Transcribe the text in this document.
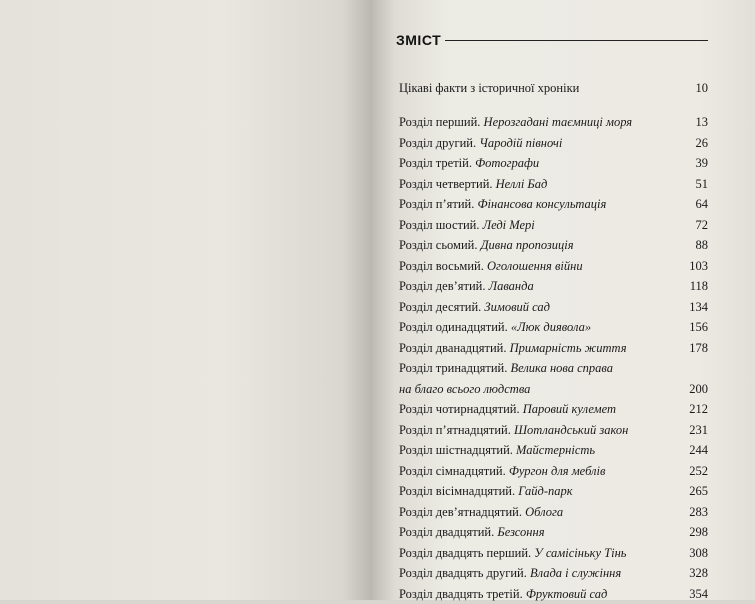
ЗМІСТ
Цікаві факти з історичної хроніки	10
Розділ перший. Нерозгадані таємниці моря	13
Розділ другий. Чародій півночі	26
Розділ третій. Фотографи	39
Розділ четвертий. Неллі Бад	51
Розділ п’ятий. Фінансова консультація	64
Розділ шостий. Леді Мері	72
Розділ сьомий. Дивна пропозиція	88
Розділ восьмий. Оголошення війни	103
Розділ дев’ятий. Лаванда	118
Розділ десятий. Зимовий сад	134
Розділ одинадцятий. «Люк диявола»	156
Розділ дванадцятий. Примарність життя	178
Розділ тринадцятий. Велика нова справа
на благо всього людства	200
Розділ чотирнадцятий. Паровий кулемет	212
Розділ п’ятнадцятий. Шотландський закон	231
Розділ шістнадцятий. Майстерність	244
Розділ сімнадцятий. Фургон для меблів	252
Розділ вісімнадцятий. Гайд-парк	265
Розділ дев’ятнадцятий. Облога	283
Розділ двадцятий. Безсоння	298
Розділ двадцять перший. У самісіньку Тінь	308
Розділ двадцять другий. Влада і служіння	328
Розділ двадцять третій. Фруктовий сад	354
